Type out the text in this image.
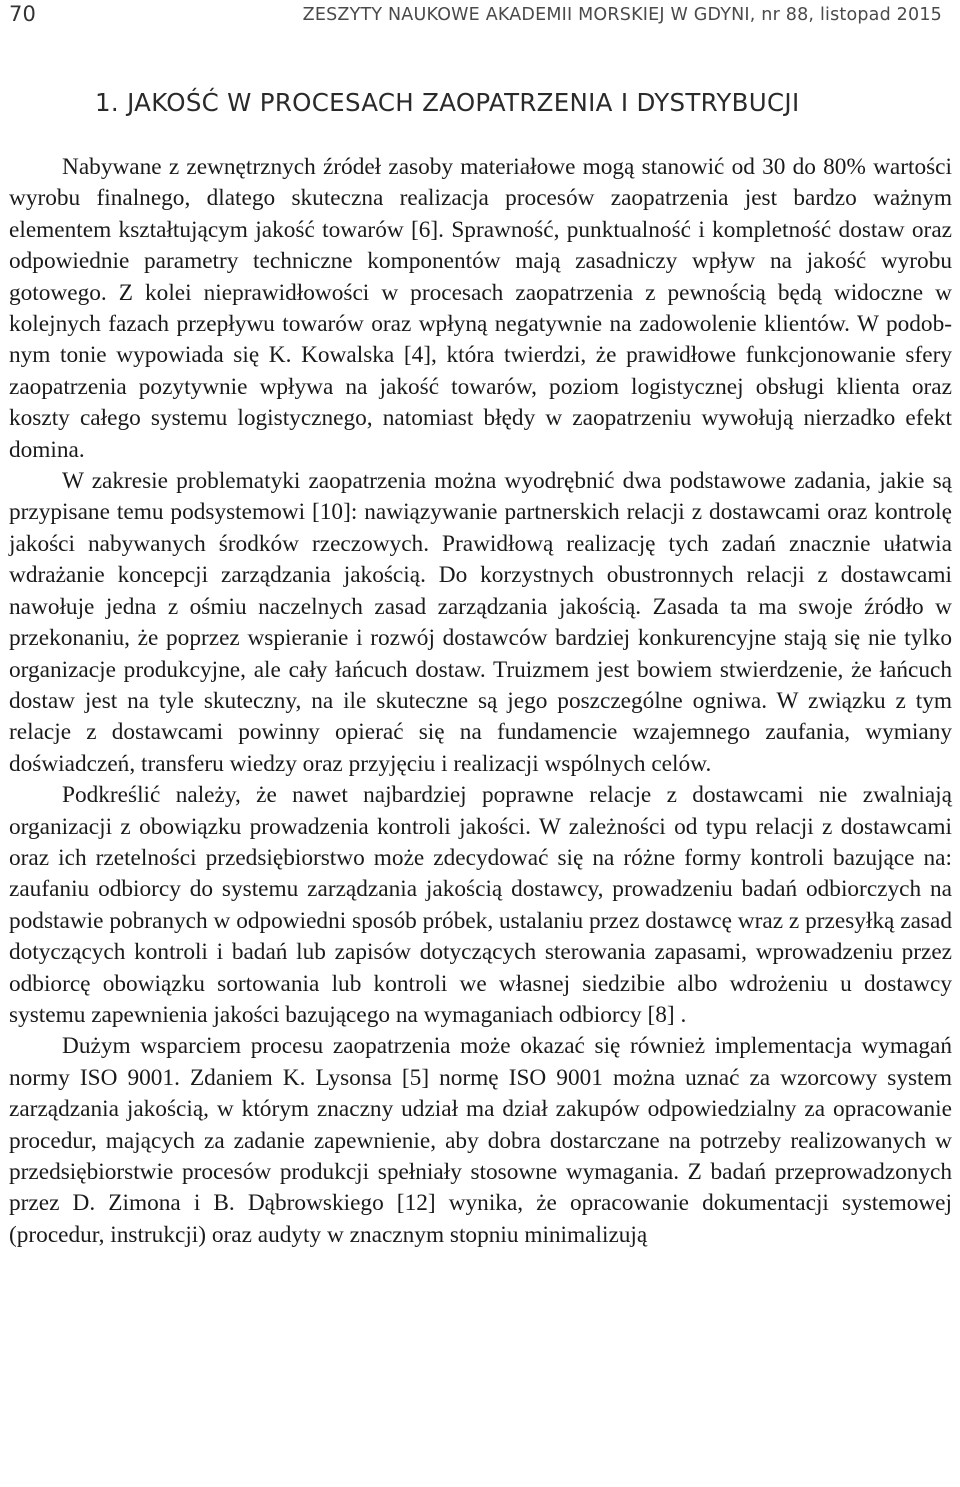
70	ZESZYTY NAUKOWE AKADEMII MORSKIEJ W GDYNI, nr 88, listopad 2015
1. JAKOŚĆ W PROCESACH ZAOPATRZENIA I DYSTRYBUCJI

Nabywane z zewnętrznych źródeł zasoby materiałowe mogą stanowić od 30 do 80% wartości wyrobu finalnego, dlatego skuteczna realizacja procesów zaopatrzenia jest bardzo ważnym elementem kształtującym jakość towarów [6]. Sprawność, punktualność i kompletność dostaw oraz odpowiednie parametry techniczne komponentów mają zasadniczy wpływ na jakość wyrobu gotowego. Z kolei nieprawidłowości w procesach zaopatrzenia z pewnością będą widoczne w kolejnych fazach przepływu towarów oraz wpłyną negatywnie na zadowolenie klientów. W podobnym tonie wypowiada się K. Kowalska [4], która twierdzi, że prawidłowe funkcjonowanie sfery zaopatrzenia pozytywnie wpływa na jakość towarów, poziom logistycznej obsługi klienta oraz koszty całego systemu logistycznego, natomiast błędy w zaopatrzeniu wywołują nierzadko efekt domina.

W zakresie problematyki zaopatrzenia można wyodrębnić dwa podstawowe zadania, jakie są przypisane temu podsystemowi [10]: nawiązywanie partnerskich relacji z dostawcami oraz kontrolę jakości nabywanych środków rzeczowych. Prawidłową realizację tych zadań znacznie ułatwia wdrażanie koncepcji zarządzania jakością. Do korzystnych obustronnych relacji z dostawcami nawołuje jedna z ośmiu naczelnych zasad zarządzania jakością. Zasada ta ma swoje źródło w przekonaniu, że poprzez wspieranie i rozwój dostawców bardziej konkurencyjne stają się nie tylko organizacje produkcyjne, ale cały łańcuch dostaw. Truizmem jest bowiem stwierdzenie, że łańcuch dostaw jest na tyle skuteczny, na ile skuteczne są jego poszczególne ogniwa. W związku z tym relacje z dostawcami powinny opierać się na fundamencie wzajemnego zaufania, wymiany doświadczeń, transferu wiedzy oraz przyjęciu i realizacji wspólnych celów.

Podkreślić należy, że nawet najbardziej poprawne relacje z dostawcami nie zwalniają organizacji z obowiązku prowadzenia kontroli jakości. W zależności od typu relacji z dostawcami oraz ich rzetelności przedsiębiorstwo może zdecydować się na różne formy kontroli bazujące na: zaufaniu odbiorcy do systemu zarządzania jakością dostawcy, prowadzeniu badań odbiorczych na podstawie pobranych w odpowiedni sposób próbek, ustalaniu przez dostawcę wraz z przesyłką zasad dotyczących kontroli i badań lub zapisów dotyczących sterowania zapasami, wprowadzeniu przez odbiorcę obowiązku sortowania lub kontroli we własnej siedzibie albo wdrożeniu u dostawcy systemu zapewnienia jakości bazującego na wymaganiach odbiorcy [8] .

Dużym wsparciem procesu zaopatrzenia może okazać się również implementacja wymagań normy ISO 9001. Zdaniem K. Lysonsa [5] normę ISO 9001 można uznać za wzorcowy system zarządzania jakością, w którym znaczny udział ma dział zakupów odpowiedzialny za opracowanie procedur, mających za zadanie zapewnienie, aby dobra dostarczane na potrzeby realizowanych w przedsiębiorstwie procesów produkcji spełniały stosowne wymagania. Z badań przeprowadzonych przez D. Zimona i B. Dąbrowskiego [12] wynika, że opracowanie dokumentacji systemowej (procedur, instrukcji) oraz audyty w znacznym stopniu minimalizują
